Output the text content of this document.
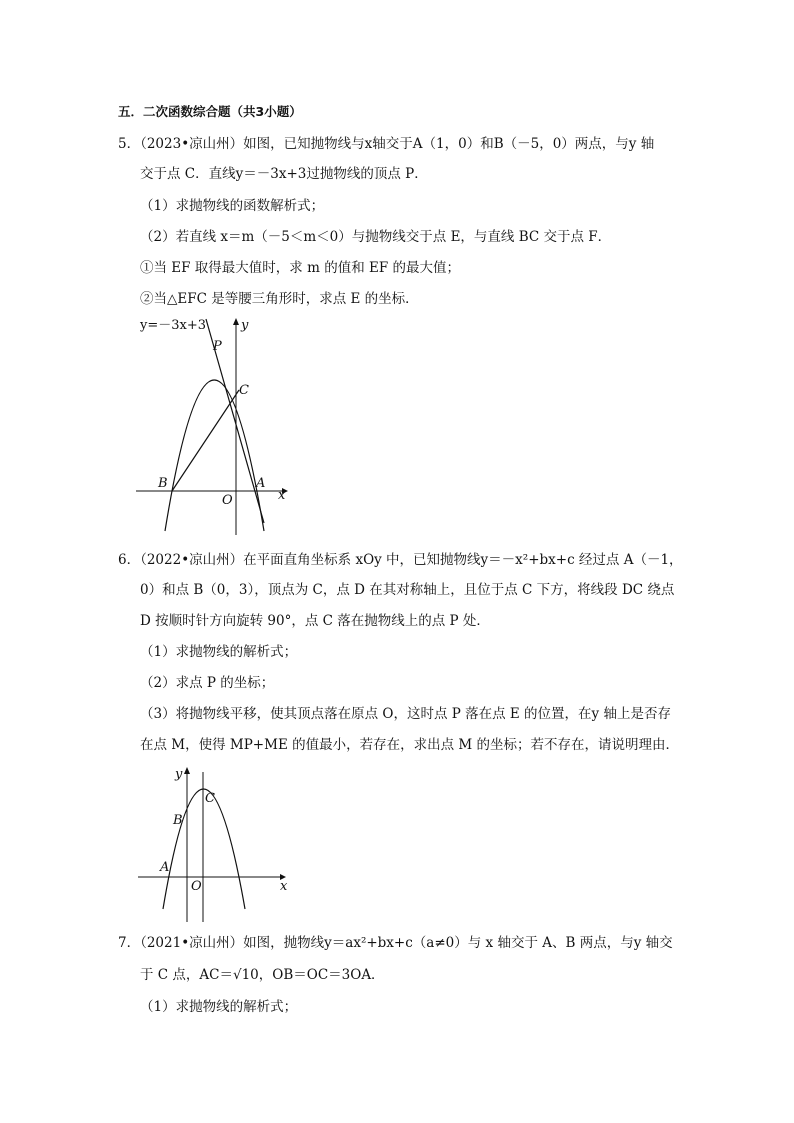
五．二次函数综合题（共3小题）
5．（2023•凉山州）如图，已知抛物线与x轴交于A（1，0）和B（－5，0）两点，与y 轴
交于点 C．直线y＝－3x+3过抛物线的顶点 P．
（1）求抛物线的函数解析式；
（2）若直线 x＝m（－5＜m＜0）与抛物线交于点 E，与直线 BC 交于点 F．
①当 EF 取得最大值时，求 m 的值和 EF 的最大值；
②当△EFC 是等腰三角形时，求点 E 的坐标．
y=－3x+3	y
P
C
B	A
O	x
6．（2022•凉山州）在平面直角坐标系 xOy 中，已知抛物线y＝－x²+bx+c 经过点 A（－1，
0）和点 B（0，3），顶点为 C，点 D 在其对称轴上，且位于点 C 下方，将线段 DC 绕点
D 按顺时针方向旋转 90°，点 C 落在抛物线上的点 P 处．
（1）求抛物线的解析式；
（2）求点 P 的坐标；
（3）将抛物线平移，使其顶点落在原点 O，这时点 P 落在点 E 的位置，在y 轴上是否存
在点 M，使得 MP+ME 的值最小，若存在，求出点 M 的坐标；若不存在，请说明理由．
y
C
B
A
O	x
7．（2021•凉山州）如图，抛物线y＝ax²+bx+c（a≠0）与 x 轴交于 A、B 两点，与y 轴交
于 C 点，AC＝√10，OB＝OC＝3OA．
（1）求抛物线的解析式；
